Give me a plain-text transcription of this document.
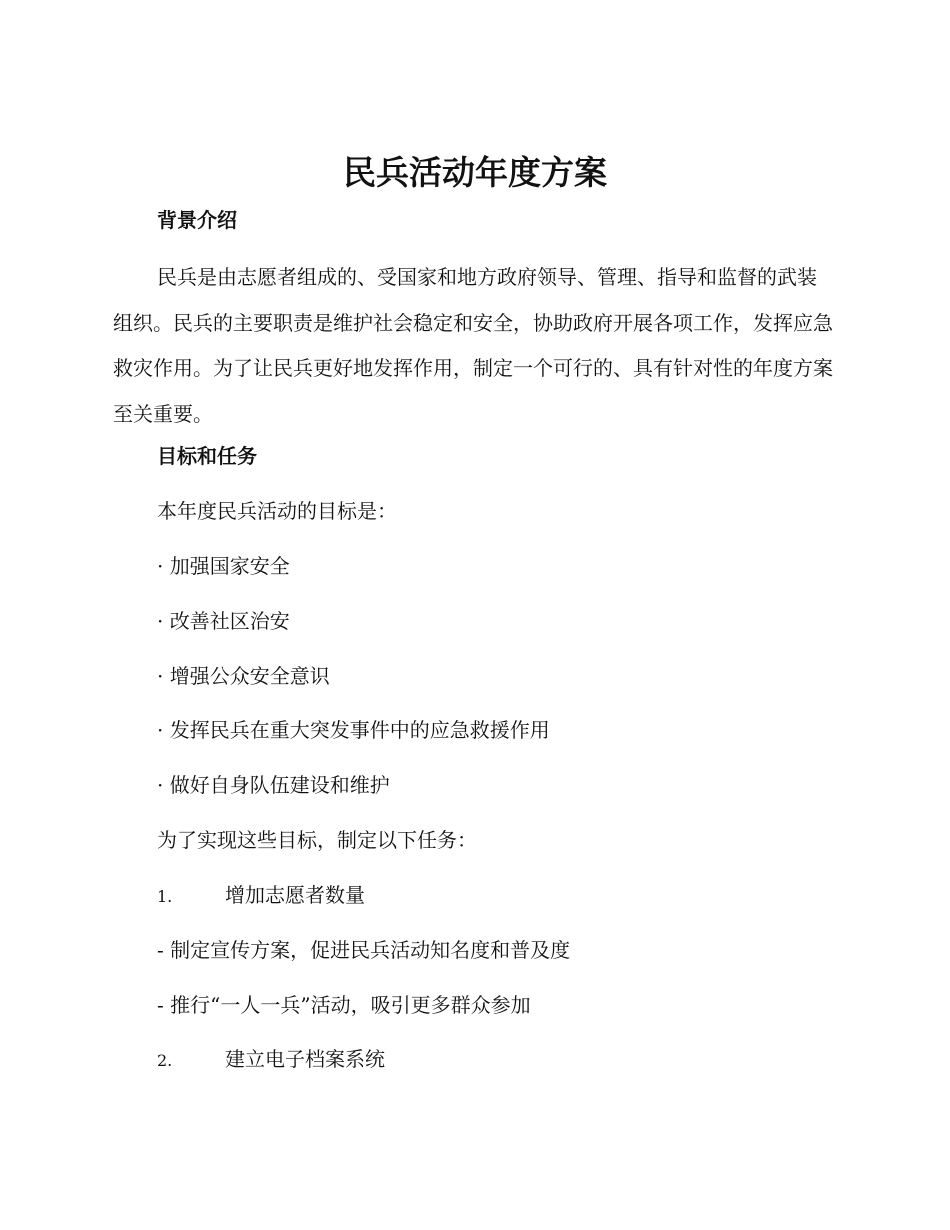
民兵活动年度方案
背景介绍

民兵是由志愿者组成的、受国家和地方政府领导、管理、指导和监督的武装组织。民兵的主要职责是维护社会稳定和安全，协助政府开展各项工作，发挥应急救灾作用。为了让民兵更好地发挥作用，制定一个可行的、具有针对性的年度方案至关重要。

目标和任务

本年度民兵活动的目标是：

· 加强国家安全

· 改善社区治安

· 增强公众安全意识

· 发挥民兵在重大突发事件中的应急救援作用

· 做好自身队伍建设和维护

为了实现这些目标，制定以下任务：

1.	增加志愿者数量

- 制定宣传方案，促进民兵活动知名度和普及度

- 推行“一人一兵”活动，吸引更多群众参加

2.	建立电子档案系统
